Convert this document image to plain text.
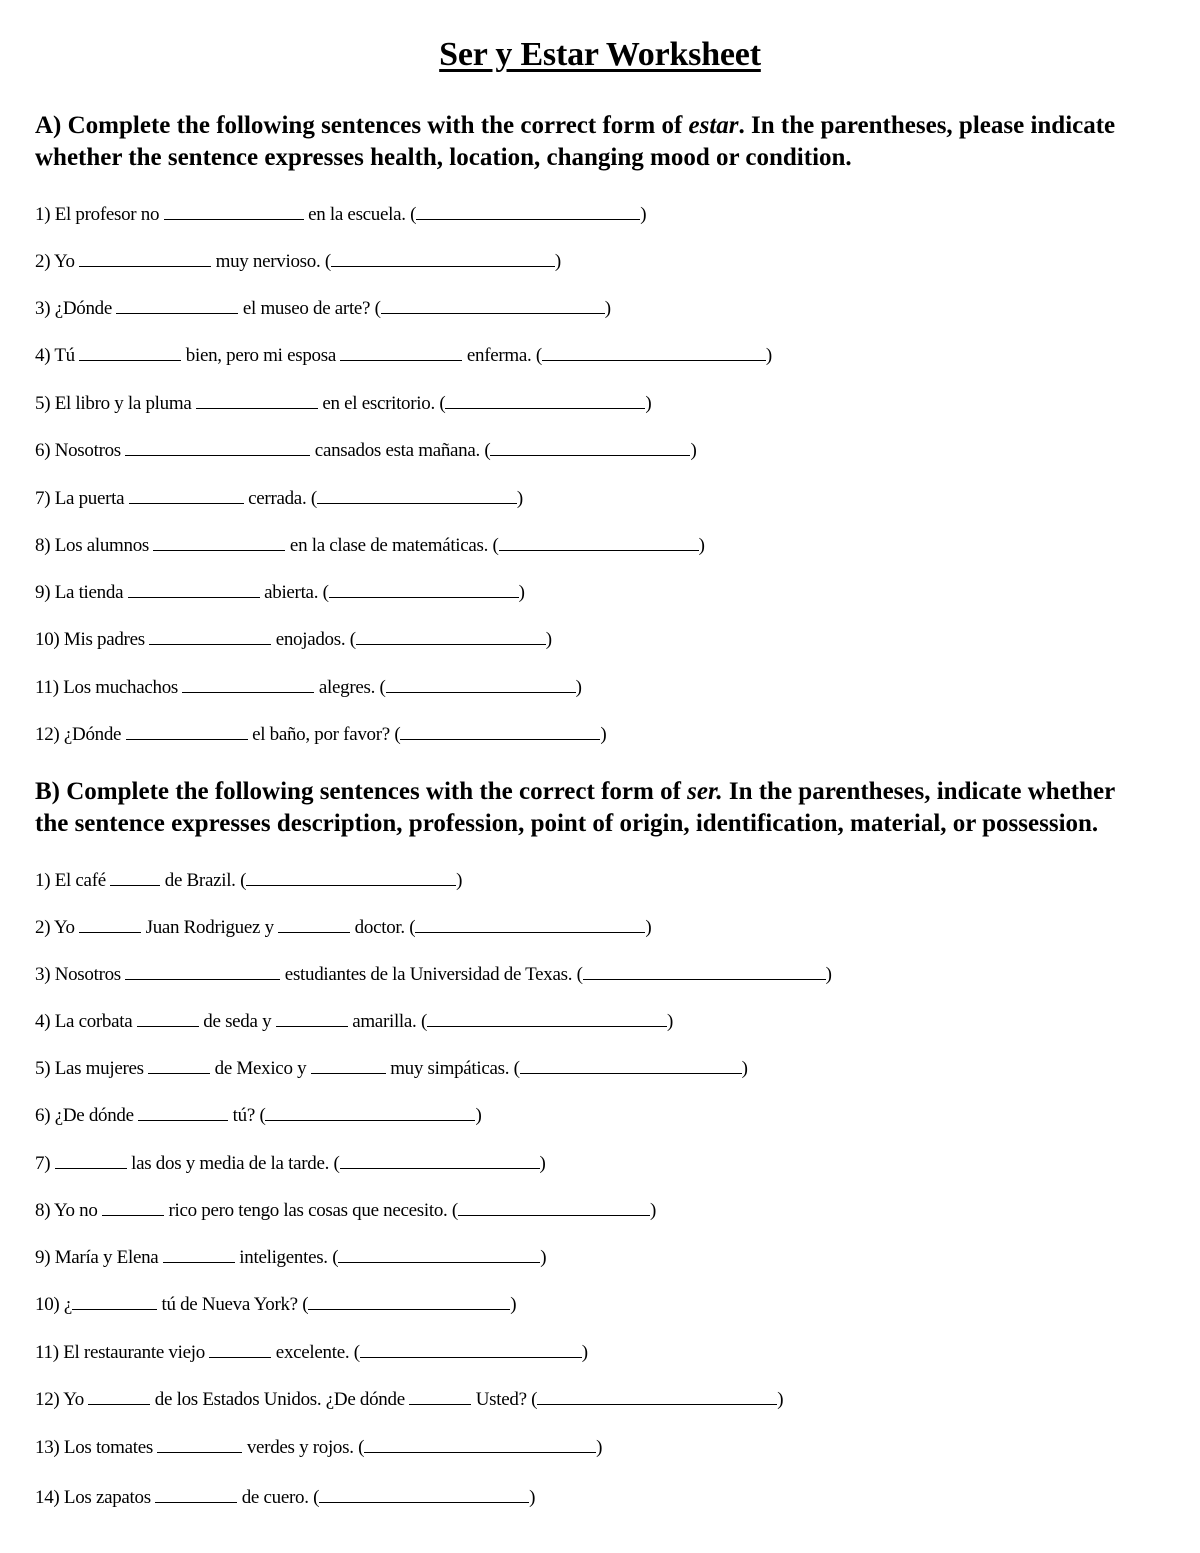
Ser y Estar Worksheet
A) Complete the following sentences with the correct form of estar. In the parentheses, please indicate whether the sentence expresses health, location, changing mood or condition.
B) Complete the following sentences with the correct form of ser. In the parentheses, indicate whether the sentence expresses description, profession, point of origin, identification, material, or possession.
1) El profesor no	en la escuela. (	)
2) Yo	muy nervioso. (	)
3) ¿Dónde	el museo de arte? (	)
4) Tú	bien, pero mi esposa	enferma. (	)
5) El libro y la pluma	en el escritorio. (	)
6) Nosotros	cansados esta mañana. (	)
7) La puerta	cerrada. (	)
8) Los alumnos	en la clase de matemáticas. (	)
9) La tienda	abierta. (	)
10) Mis padres	enojados. (	)
11) Los muchachos	alegres. (	)
12) ¿Dónde	el baño, por favor? (	)
1) El café	de Brazil. (	)
2) Yo	Juan Rodriguez y	doctor. (	)
3) Nosotros	estudiantes de la Universidad de Texas. (	)
4) La corbata	de seda y	amarilla. (	)
5) Las mujeres	de Mexico y	muy simpáticas. (	)
6) ¿De dónde	tú? (	)
7)	las dos y media de la tarde. (	)
8) Yo no	rico pero tengo las cosas que necesito. (	)
9) María y Elena	inteligentes. (	)
10) ¿	tú de Nueva York? (	)
11) El restaurante viejo	excelente. (	)
12) Yo	de los Estados Unidos. ¿De dónde	Usted? (	)
13) Los tomates	verdes y rojos. (	)
14) Los zapatos	de cuero. (	)
